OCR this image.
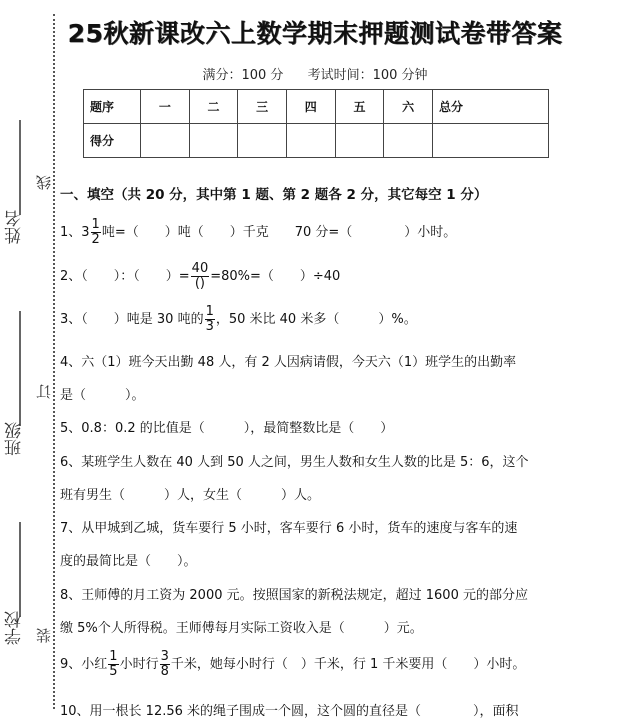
姓名
班级
学校
线
订
装
25秋新课改六上数学期末押题测试卷带答案
满分：100 分 考试时间：100 分钟
题序	一	二	三	四	五	六	总分
得分							
一、填空（共 20 分，其中第 1 题、第 2 题各 2 分，其它每空 1 分）
1、$3 \frac{1}{2}$ 吨=（　　）吨（　　）千克　　70 分=（　　　　）小时。
2、（　　）：（　　）= $\frac{40}{()} =80\%=$（　　）÷40
3、（　　）吨是 30 吨的 $\frac{1}{3}$ ，50 米比 40 米多（　　　）%。
4、六（1）班今天出勤 48 人，有 2 人因病请假，今天六（1）班学生的出勤率
是（　　　）。
5、0.8：0.2 的比值是（　　　），最简整数比是（　　）
6、某班学生人数在 40 人到 50 人之间，男生人数和女生人数的比是 5：6，这个
班有男生（　　　）人，女生（　　　）人。
7、从甲城到乙城，货车要行 5 小时，客车要行 6 小时，货车的速度与客车的速
度的最简比是（　　）。
8、王师傅的月工资为 2000 元。按照国家的新税法规定，超过 1600 元的部分应
缴 5%个人所得税。王师傅每月实际工资收入是（　　　）元。
9、小红 $\frac{1}{5}$ 小时行 $\frac{3}{8}$ 千米，她每小时行（　）千米，行 1 千米要用（　　）小时。
10、用一根长 12.56 米的绳子围成一个圆，这个圆的直径是（　　　　），面积
